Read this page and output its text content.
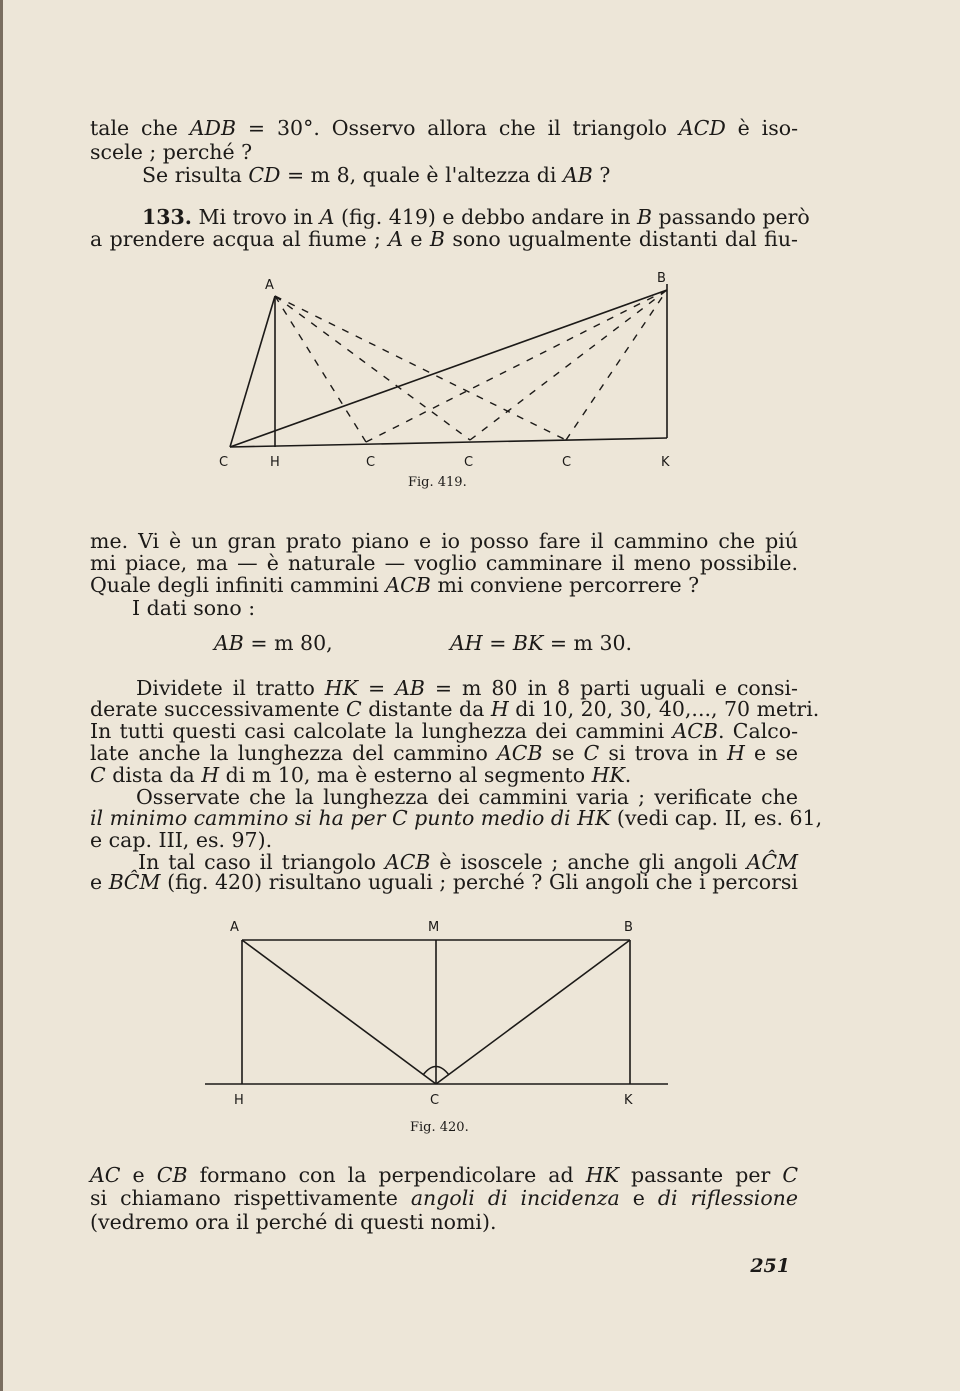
tale che ADB = 30°. Osservo allora che il triangolo ACD è iso-
scele ; perché ?
Se risulta CD = m 8, quale è l'altezza di AB ?
133. Mi trovo in A (fig. 419) e debbo andare in B passando però
a prendere acqua al fiume ; A e B sono ugualmente distanti dal fiu-
A	B
C	H	C	C	C	K
A	M	B
H	C	K
Fig. 419.
me. Vi è un gran prato piano e io posso fare il cammino che piú
mi piace, ma — è naturale — voglio camminare il meno possibile.
Quale degli infiniti cammini ACB mi conviene percorrere ?
I dati sono :
AB = m 80,	AH = BK = m 30.
Dividete il tratto HK = AB = m 80 in 8 parti uguali e consi-
derate successivamente C distante da H di 10, 20, 30, 40,..., 70 metri.
In tutti questi casi calcolate la lunghezza dei cammini ACB. Calco-
late anche la lunghezza del cammino ACB se C si trova in H e se
C dista da H di m 10, ma è esterno al segmento HK.
Osservate che la lunghezza dei cammini varia ; verificate che
il minimo cammino si ha per C punto medio di HK (vedi cap. II, es. 61,
e cap. III, es. 97).
In tal caso il triangolo ACB è isoscele ; anche gli angoli AĈM
e BĈM (fig. 420) risultano uguali ; perché ? Gli angoli che i percorsi
Fig. 420.
AC e CB formano con la perpendicolare ad HK passante per C
si chiamano rispettivamente angoli di incidenza e di riflessione
(vedremo ora il perché di questi nomi).
251
